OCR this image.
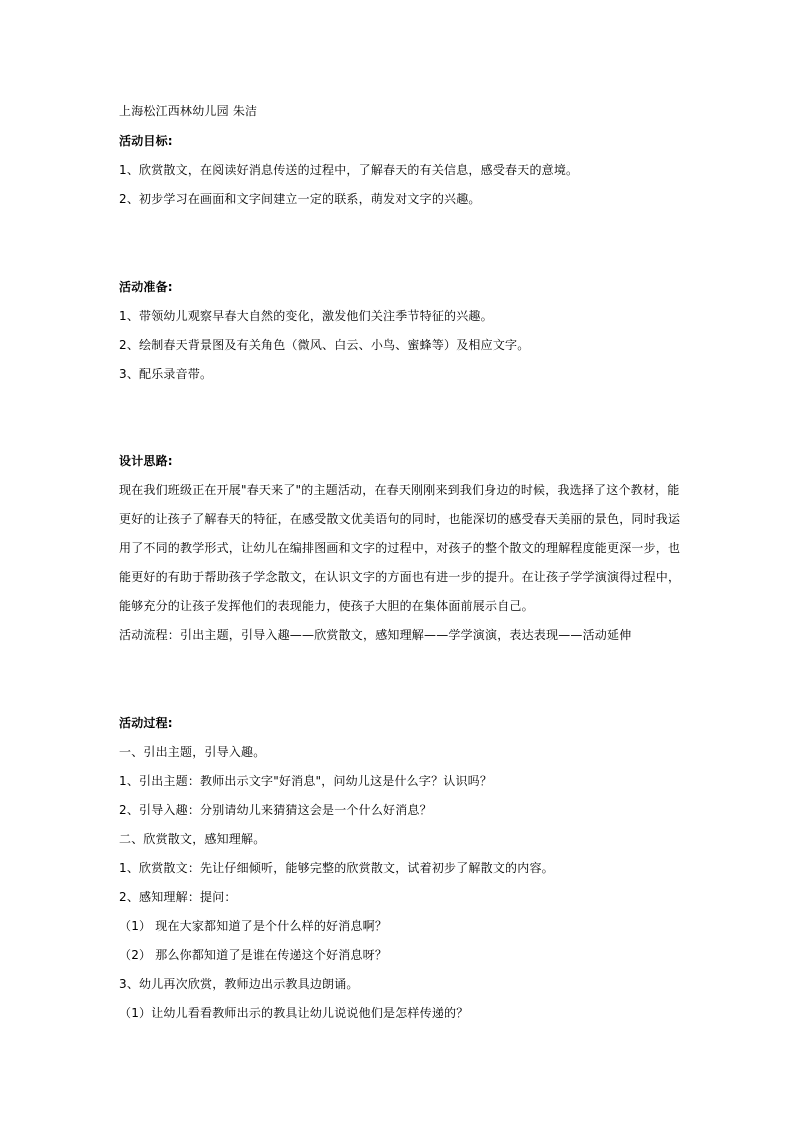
上海松江西林幼儿园 朱洁
活动目标:
1、欣赏散文，在阅读好消息传送的过程中，了解春天的有关信息，感受春天的意境。
2、初步学习在画面和文字间建立一定的联系，萌发对文字的兴趣。
活动准备:
1、带领幼儿观察早春大自然的变化，激发他们关注季节特征的兴趣。
2、绘制春天背景图及有关角色（微风、白云、小鸟、蜜蜂等）及相应文字。
3、配乐录音带。
设计思路:
现在我们班级正在开展"春天来了"的主题活动，在春天刚刚来到我们身边的时候，我选择了这个教材，能
更好的让孩子了解春天的特征，在感受散文优美语句的同时，也能深切的感受春天美丽的景色，同时我运
用了不同的教学形式，让幼儿在编排图画和文字的过程中，对孩子的整个散文的理解程度能更深一步，也
能更好的有助于帮助孩子学念散文，在认识文字的方面也有进一步的提升。在让孩子学学演演得过程中，
能够充分的让孩子发挥他们的表现能力，使孩子大胆的在集体面前展示自己。
活动流程：引出主题，引导入趣——欣赏散文，感知理解——学学演演，表达表现——活动延伸
活动过程:
一、引出主题，引导入趣。
1、引出主题：教师出示文字"好消息"，问幼儿这是什么字？认识吗？
2、引导入趣：分别请幼儿来猜猜这会是一个什么好消息？
二、欣赏散文，感知理解。
1、欣赏散文：先让仔细倾听，能够完整的欣赏散文，试着初步了解散文的内容。
2、感知理解：提问：
（1） 现在大家都知道了是个什么样的好消息啊？
（2） 那么你都知道了是谁在传递这个好消息呀？
3、幼儿再次欣赏，教师边出示教具边朗诵。
（1）让幼儿看看教师出示的教具让幼儿说说他们是怎样传递的？
